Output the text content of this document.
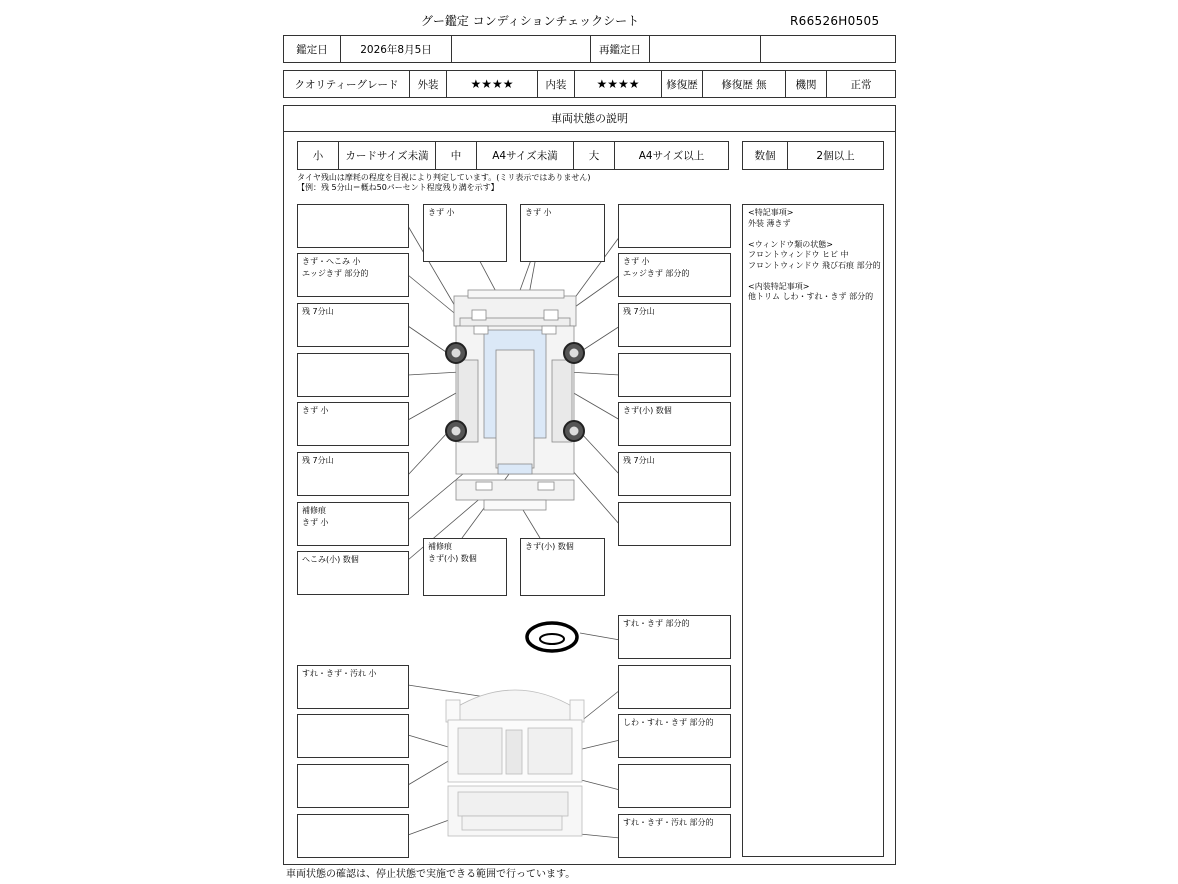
グー鑑定 コンディションチェックシート	R66526H0505
鑑定日	2026年8月5日		再鑑定日		
クオリティーグレード	外装	★★★★	内装	★★★★	修復歴	修復歴 無	機関	正常
車両状態の説明
小	カードサイズ未満	中	A4サイズ未満	大	A4サイズ以上	数個	2個以上
タイヤ残山は摩耗の程度を目視により判定しています。(ミリ表示ではありません)
【例：残 5分山＝概ね50パーセント程度残り溝を示す】
きず・へこみ 小
エッジきず 部分的
残 7分山
きず 小
残 7分山
補修痕
きず 小
へこみ(小) 数個
きず 小	きず 小
きず 小
エッジきず 部分的
残 7分山
きず(小) 数個
残 7分山
補修痕
きず(小) 数個
きず(小) 数個
すれ・きず 部分的
すれ・きず・汚れ 小
しわ・すれ・きず 部分的
すれ・きず・汚れ 部分的
<特記事項>
外装 薄きず
<ウィンドウ類の状態>
フロントウィンドウ ヒビ 中
フロントウィンドウ 飛び石痕 部分的
<内装特記事項>
他トリム しわ・すれ・きず 部分的
車両状態の確認は、停止状態で実施できる範囲で行っています。
